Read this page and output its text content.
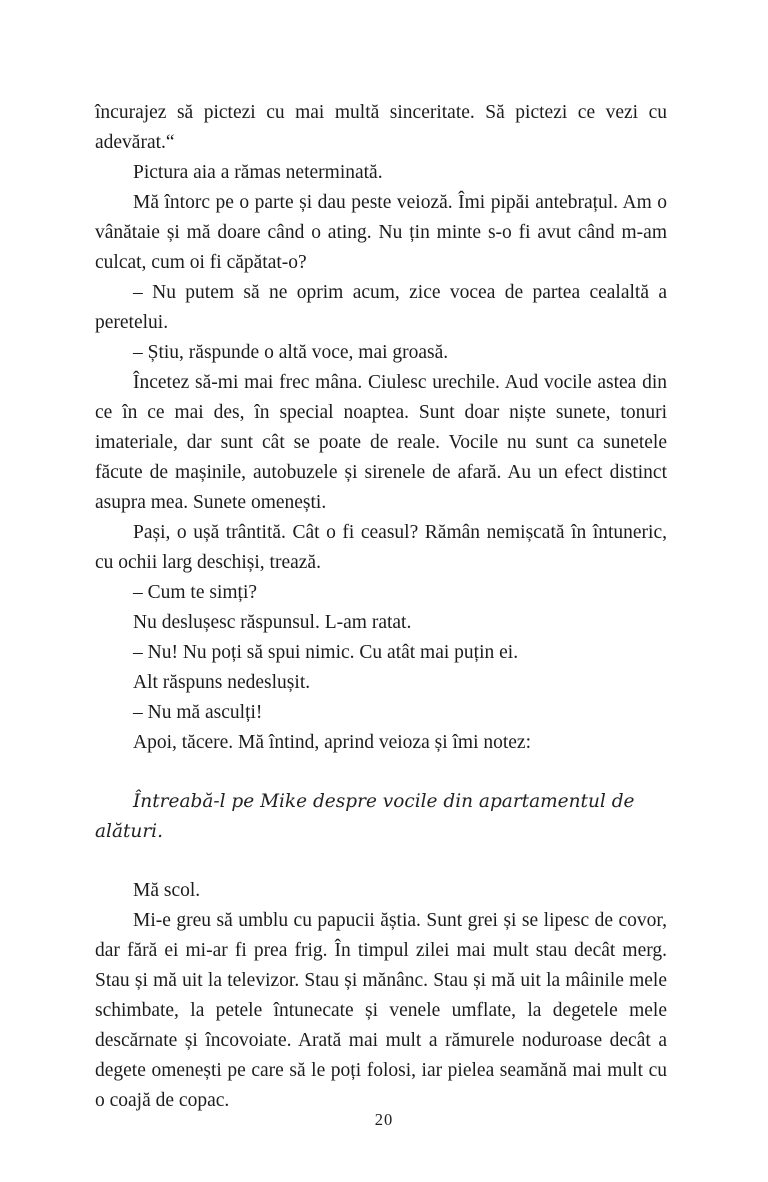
încurajez să pictezi cu mai multă sinceritate. Să pictezi ce vezi cu adevărat.“

Pictura aia a rămas neterminată.

Mă întorc pe o parte și dau peste veioză. Îmi pipăi antebrațul. Am o vânătaie și mă doare când o ating. Nu țin minte s-o fi avut când m-am culcat, cum oi fi căpătat-o?

– Nu putem să ne oprim acum, zice vocea de partea cealaltă a peretelui.

– Știu, răspunde o altă voce, mai groasă.

Încetez să-mi mai frec mâna. Ciulesc urechile. Aud vocile astea din ce în ce mai des, în special noaptea. Sunt doar niște sunete, tonuri imateriale, dar sunt cât se poate de reale. Vocile nu sunt ca sunetele făcute de mașinile, autobuzele și sirenele de afară. Au un efect distinct asupra mea. Sunete omenești.

Pași, o ușă trântită. Cât o fi ceasul? Rămân nemișcată în întuneric, cu ochii larg deschiși, trează.

– Cum te simți?

Nu deslușesc răspunsul. L-am ratat.

– Nu! Nu poți să spui nimic. Cu atât mai puțin ei.

Alt răspuns nedeslușit.

– Nu mă asculți!

Apoi, tăcere. Mă întind, aprind veioza și îmi notez:

Întreabă-l pe Mike despre vocile din apartamentul de alături.

Mă scol.

Mi-e greu să umblu cu papucii ăștia. Sunt grei și se lipesc de covor, dar fără ei mi-ar fi prea frig. În timpul zilei mai mult stau decât merg. Stau și mă uit la televizor. Stau și mănânc. Stau și mă uit la mâinile mele schimbate, la petele întunecate și venele umflate, la degetele mele descărnate și încovoiate. Arată mai mult a rămurele noduroase decât a degete omenești pe care să le poți folosi, iar pielea seamănă mai mult cu o coajă de copac.

20
